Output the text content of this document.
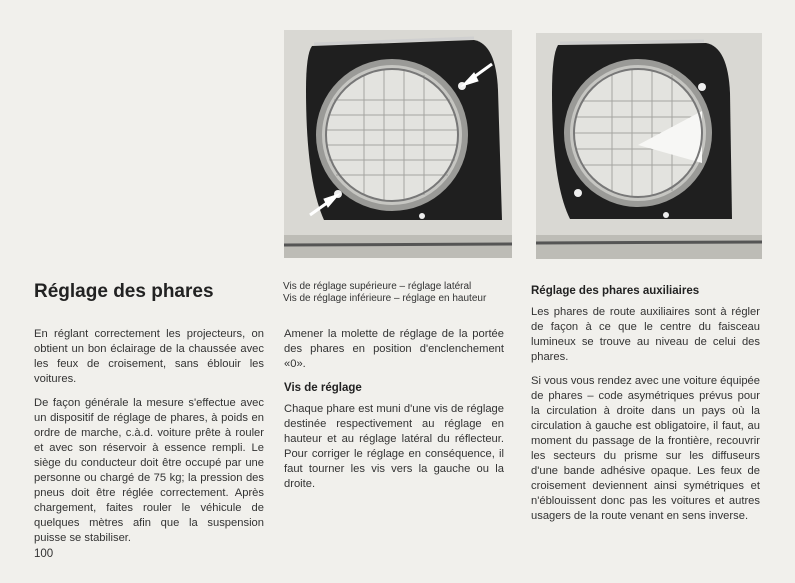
Réglage des phares

En réglant correctement les projecteurs, on obtient un bon éclairage de la chaussée avec les feux de croisement, sans éblouir les voitures.

De façon générale la mesure s'effectue avec un dispositif de réglage de phares, à poids en ordre de marche, c.à.d. voiture prête à rouler et avec son réservoir à essence rempli. Le siège du conducteur doit être occupé par une personne ou chargé de 75 kg; la pression des pneus doit être réglée correctement. Après chargement, faites rouler le véhicule de quelques mètres afin que la suspension puisse se stabiliser.

Vis de réglage supérieure – réglage latéral
Vis de réglage inférieure – réglage en hauteur

Amener la molette de réglage de la portée des phares en position d'enclenchement «0».

Vis de réglage

Chaque phare est muni d'une vis de réglage destinée respectivement au réglage en hauteur et au réglage latéral du réflecteur. Pour corriger le réglage en conséquence, il faut tourner les vis vers la gauche ou la droite.

Réglage des phares auxiliaires

Les phares de route auxiliaires sont à régler de façon à ce que le centre du faisceau lumineux se trouve au niveau de celui des phares.

Si vous vous rendez avec une voiture équipée de phares – code asymétriques prévus pour la circulation à droite dans un pays où la circulation à gauche est obligatoire, il faut, au moment du passage de la frontière, recouvrir les secteurs du prisme sur les diffuseurs d'une bande adhésive opaque. Les feux de croisement deviennent ainsi symétriques et n'éblouissent donc pas les voitures et autres usagers de la route venant en sens inverse.

100
